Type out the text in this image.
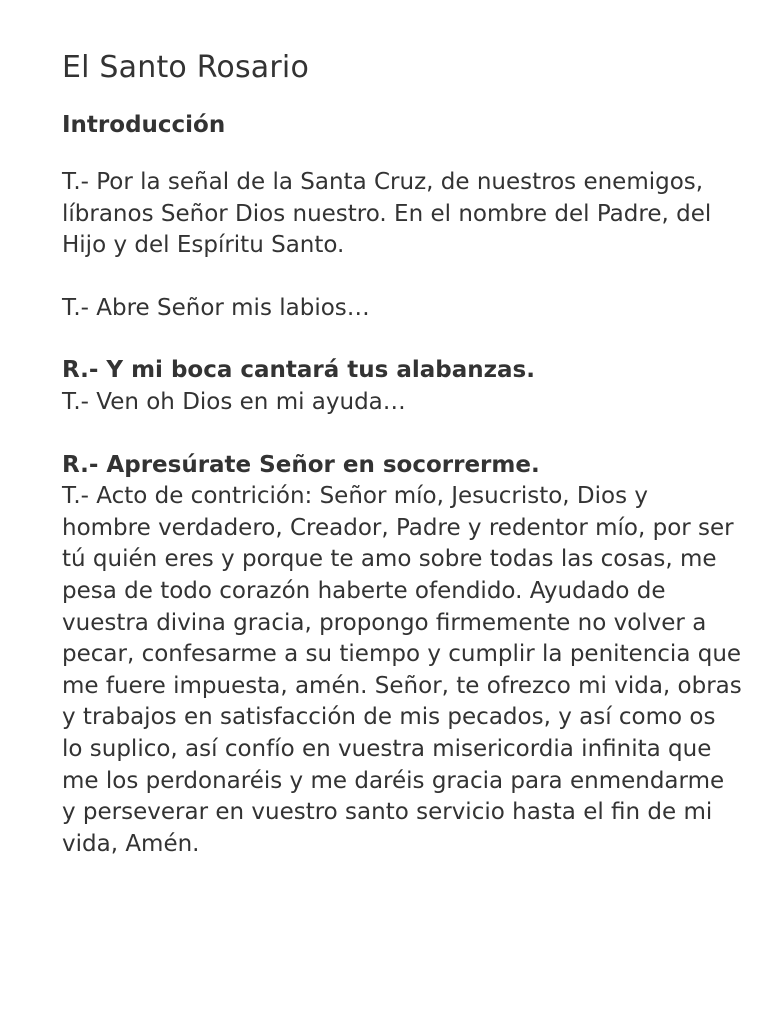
El Santo Rosario
Introducción

T.- Por la señal de la Santa Cruz, de nuestros enemigos, líbranos Señor Dios nuestro. En el nombre del Padre, del Hijo y del Espíritu Santo.

T.- Abre Señor mis labios…

R.- Y mi boca cantará tus alabanzas.

T.- Ven oh Dios en mi ayuda…

R.- Apresúrate Señor en socorrerme.

T.- Acto de contrición: Señor mío, Jesucristo, Dios y hombre verdadero, Creador, Padre y redentor mío, por ser tú quién eres y porque te amo sobre todas las cosas, me pesa de todo corazón haberte ofendido. Ayudado de vuestra divina gracia, propongo firmemente no volver a pecar, confesarme a su tiempo y cumplir la penitencia que me fuere impuesta, amén. Señor, te ofrezco mi vida, obras y trabajos en satisfacción de mis pecados, y así como os lo suplico, así confío en vuestra misericordia infinita que me los perdonaréis y me daréis gracia para enmendarme y perseverar en vuestro santo servicio hasta el fin de mi vida, Amén.
